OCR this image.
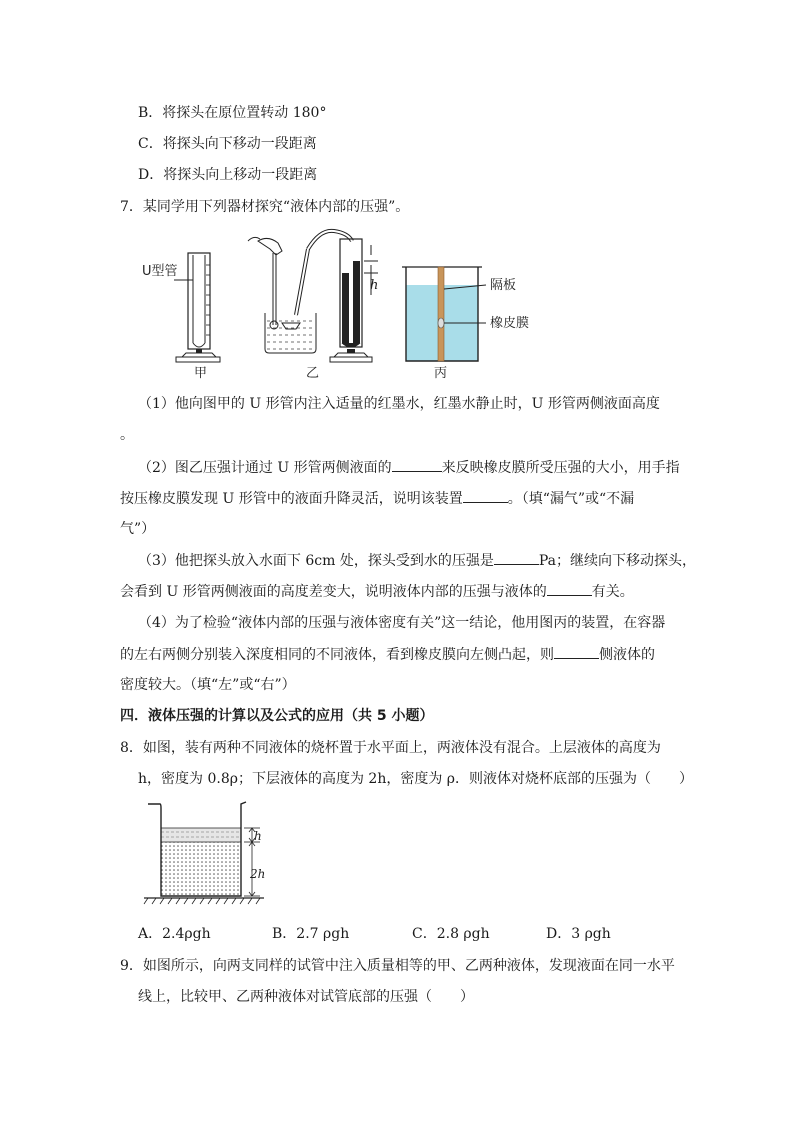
B．将探头在原位置转动 180°
C．将探头向下移动一段距离
D．将探头向上移动一段距离
7．某同学用下列器材探究“液体内部的压强”。
U型管
甲
h
乙
隔板
橡皮膜
丙
（1）他向图甲的 U 形管内注入适量的红墨水，红墨水静止时，U 形管两侧液面高度
。
（2）图乙压强计通过 U 形管两侧液面的	来反映橡皮膜所受压强的大小，用手指
按压橡皮膜发现 U 形管中的液面升降灵活，说明该装置	。（填“漏气”或“不漏
气”）
（3）他把探头放入水面下 6cm 处，探头受到水的压强是	Pa；继续向下移动探头，
会看到 U 形管两侧液面的高度差变大，说明液体内部的压强与液体的	有关。
（4）为了检验“液体内部的压强与液体密度有关”这一结论，他用图丙的装置，在容器
的左右两侧分别装入深度相同的不同液体，看到橡皮膜向左侧凸起，则	侧液体的
密度较大。（填“左”或“右”）
四．液体压强的计算以及公式的应用（共 5 小题）
8．如图，装有两种不同液体的烧杯置于水平面上，两液体没有混合。上层液体的高度为
h，密度为 0.8ρ；下层液体的高度为 2h，密度为 ρ．则液体对烧杯底部的压强为（　　）
h
2h
A．2.4ρgh	B．2.7 ρgh	C．2.8 ρgh	D．3 ρgh
9．如图所示，向两支同样的试管中注入质量相等的甲、乙两种液体，发现液面在同一水平
线上，比较甲、乙两种液体对试管底部的压强（　　）
